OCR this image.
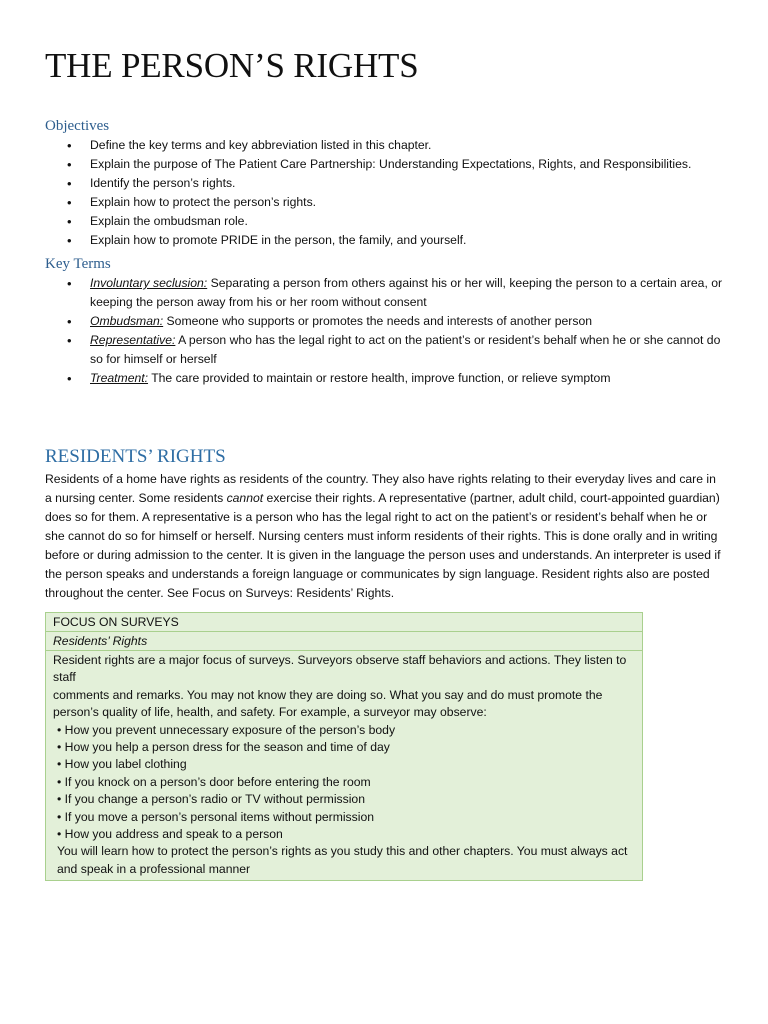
THE PERSON’S RIGHTS
Objectives
• Define the key terms and key abbreviation listed in this chapter.
• Explain the purpose of The Patient Care Partnership: Understanding Expectations, Rights, and Responsibilities.
• Identify the person’s rights.
• Explain how to protect the person’s rights.
• Explain the ombudsman role.
• Explain how to promote PRIDE in the person, the family, and yourself.
Key Terms
• Involuntary seclusion: Separating a person from others against his or her will, keeping the person to a certain area, or keeping the person away from his or her room without consent
• Ombudsman: Someone who supports or promotes the needs and interests of another person
• Representative: A person who has the legal right to act on the patient’s or resident’s behalf when he or she cannot do so for himself or herself
• Treatment: The care provided to maintain or restore health, improve function, or relieve symptom
RESIDENTS’ RIGHTS

Residents of a home have rights as residents of the country. They also have rights relating to their everyday lives and care in a nursing center. Some residents cannot exercise their rights. A representative (partner, adult child, court-appointed guardian) does so for them. A representative is a person who has the legal right to act on the patient’s or resident’s behalf when he or she cannot do so for himself or herself. Nursing centers must inform residents of their rights. This is done orally and in writing before or during admission to the center. It is given in the language the person uses and understands. An interpreter is used if the person speaks and understands a foreign language or communicates by sign language. Resident rights also are posted throughout the center. See Focus on Surveys: Residents’ Rights.

FOCUS ON SURVEYS
Residents’ Rights
Resident rights are a major focus of surveys. Surveyors observe staff behaviors and actions. They listen to staff
comments and remarks. You may not know they are doing so. What you say and do must promote the person’s quality of life, health, and safety. For example, a surveyor may observe:
• How you prevent unnecessary exposure of the person’s body
• How you help a person dress for the season and time of day
• How you label clothing
• If you knock on a person’s door before entering the room
• If you change a person’s radio or TV without permission
• If you move a person’s personal items without permission
• How you address and speak to a person
You will learn how to protect the person’s rights as you study this and other chapters. You must always act and speak in a professional manner
